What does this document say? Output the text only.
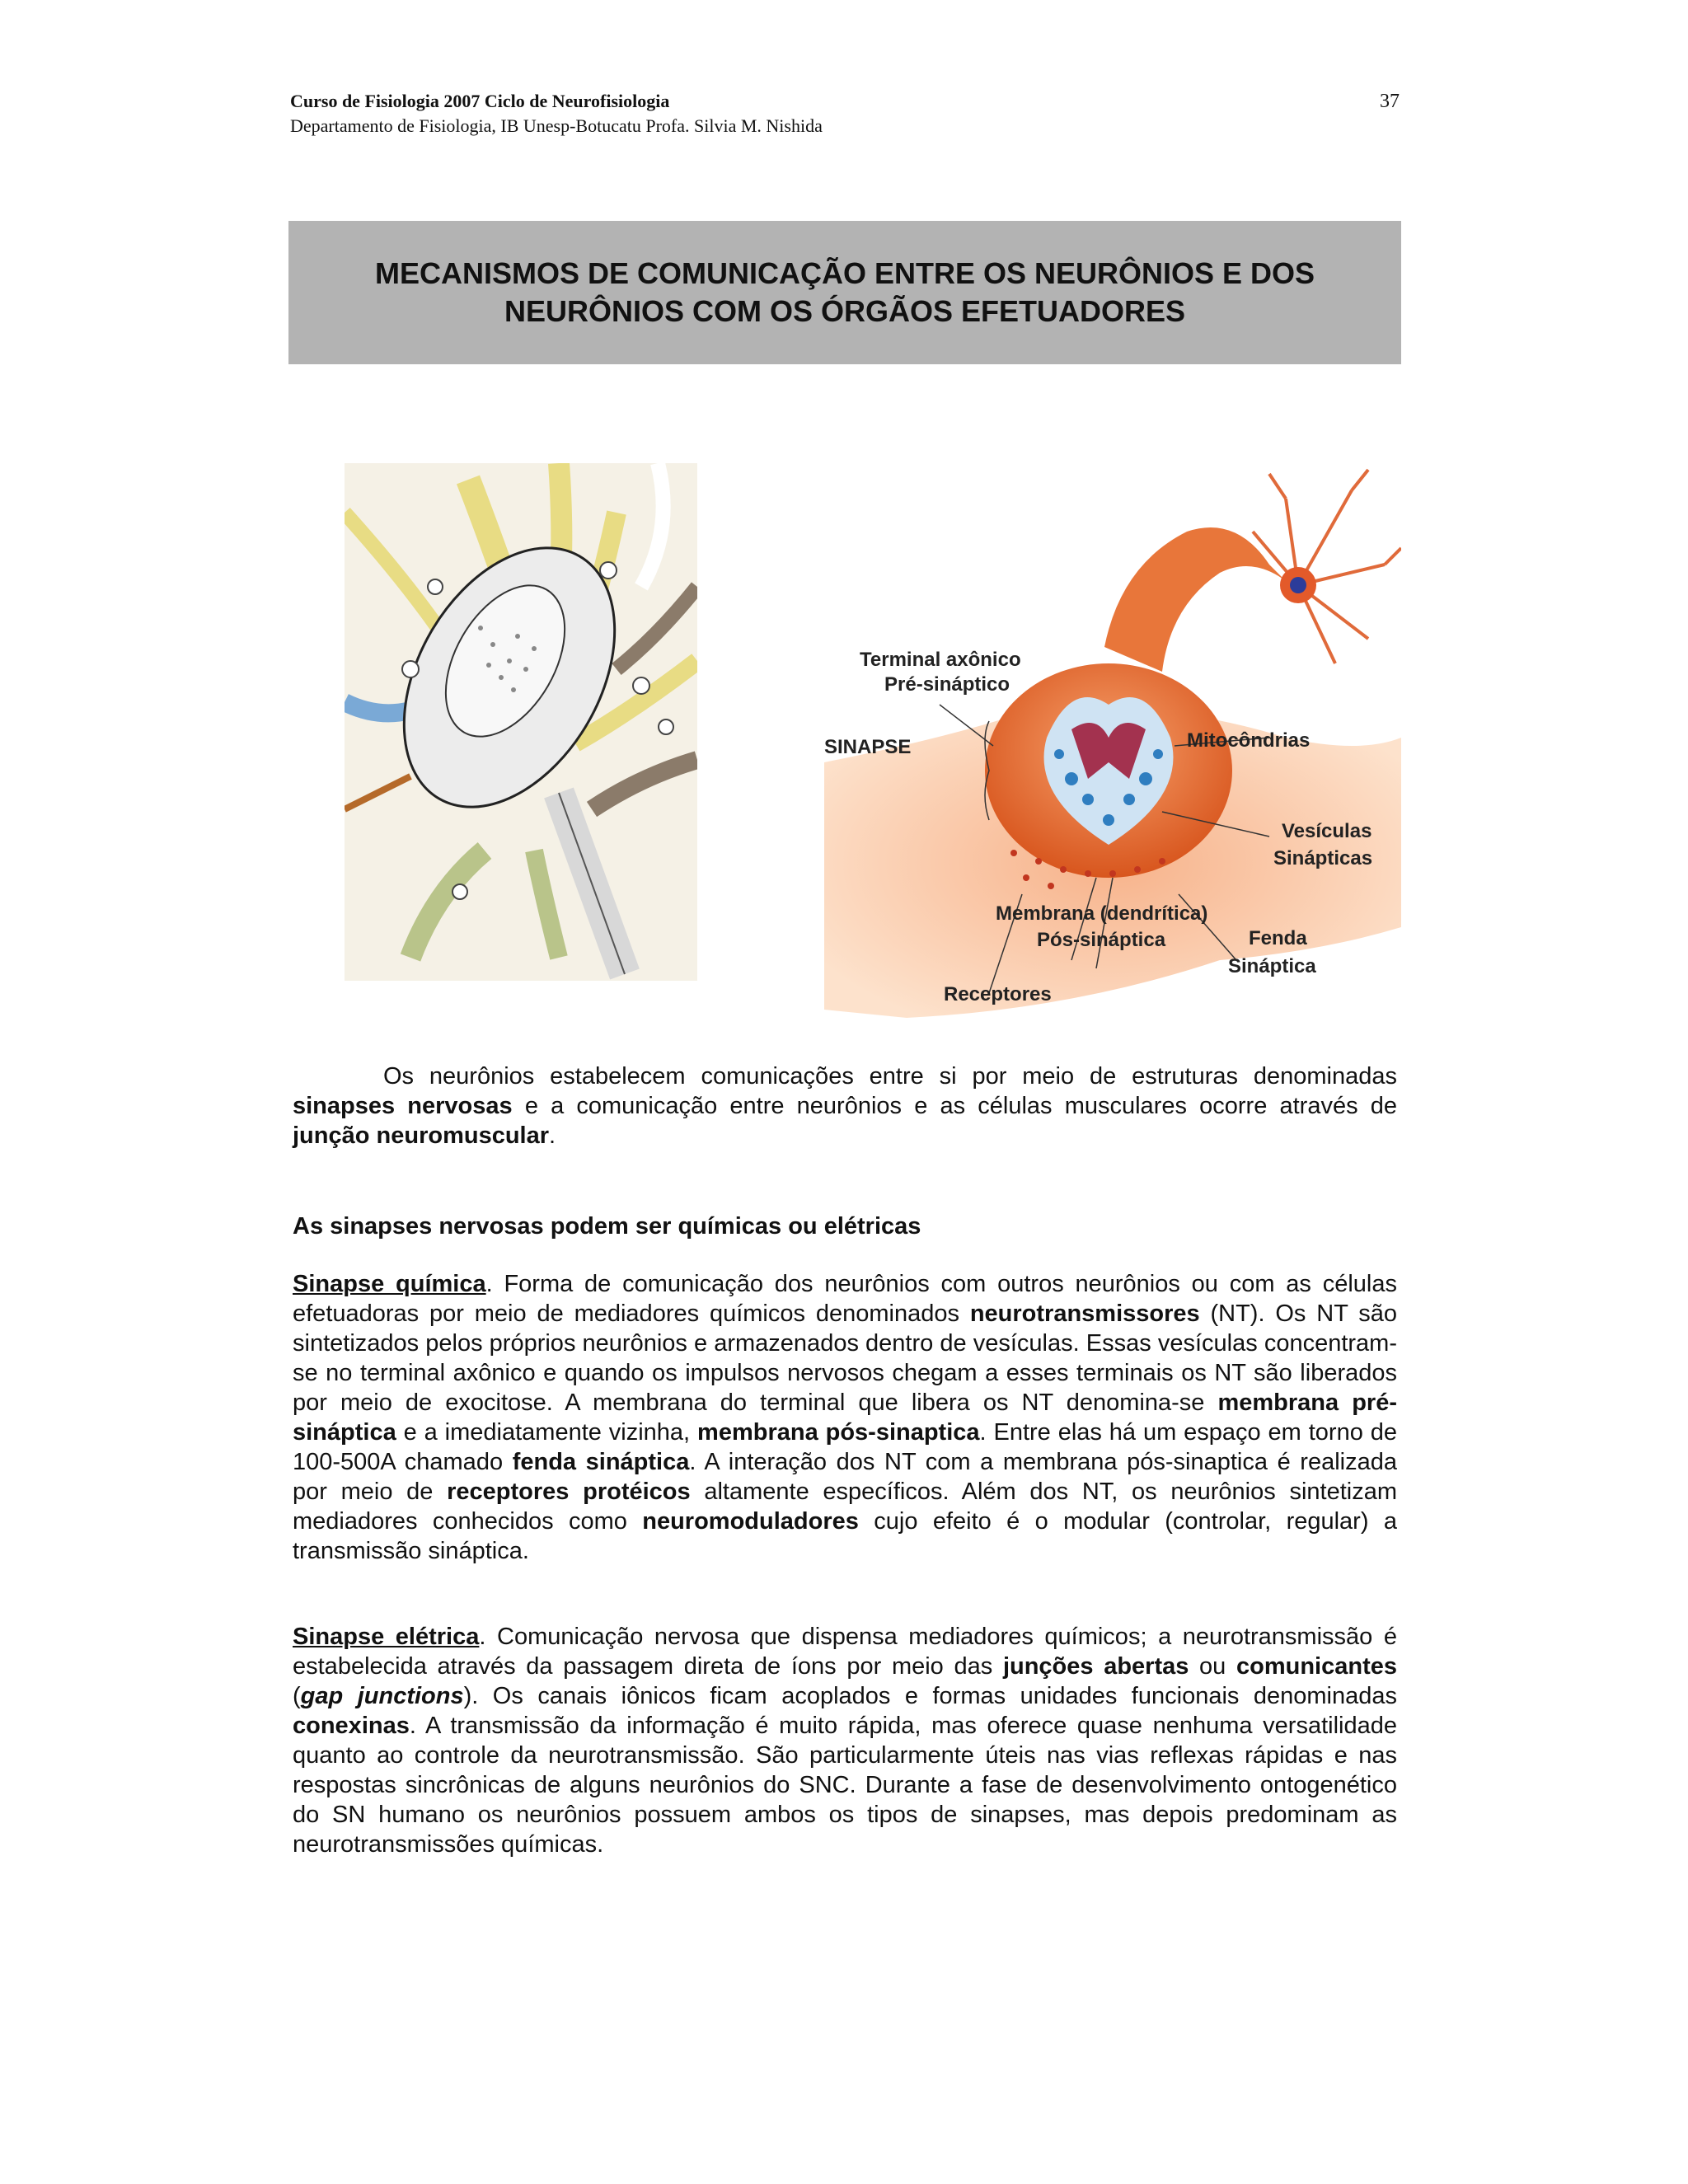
Curso de Fisiologia 2007 Ciclo de Neurofisiologia
Departamento de Fisiologia, IB Unesp-Botucatu Profa. Silvia M. Nishida
37
MECANISMOS DE COMUNICAÇÃO ENTRE OS NEURÔNIOS E DOS
NEURÔNIOS COM OS ÓRGÃOS EFETUADORES
Terminal axônico
Pré-sináptico
SINAPSE	Mitocôndrias
Vesículas
Sinápticas
Membrana (dendrítica)
Pós-sináptica	Fenda
Sináptica
Receptores
Os neurônios estabelecem comunicações entre si por meio de estruturas denominadas sinapses nervosas e a comunicação entre neurônios e as células musculares ocorre através de junção neuromuscular.
As sinapses nervosas podem ser químicas ou elétricas
Sinapse química. Forma de comunicação dos neurônios com outros neurônios ou com as células efetuadoras por meio de mediadores químicos denominados neurotransmissores (NT). Os NT são sintetizados pelos próprios neurônios e armazenados dentro de vesículas. Essas vesículas concentram-se no terminal axônico e quando os impulsos nervosos chegam a esses terminais os NT são liberados por meio de exocitose. A membrana do terminal que libera os NT denomina-se membrana pré-sináptica e a imediatamente vizinha, membrana pós-sinaptica. Entre elas há um espaço em torno de 100-500A chamado fenda sináptica. A interação dos NT com a membrana pós-sinaptica é realizada por meio de receptores protéicos altamente específicos. Além dos NT, os neurônios sintetizam mediadores conhecidos como neuromoduladores cujo efeito é o modular (controlar, regular) a transmissão sináptica.
Sinapse elétrica. Comunicação nervosa que dispensa mediadores químicos; a neurotransmissão é estabelecida através da passagem direta de íons por meio das junções abertas ou comunicantes (gap junctions). Os canais iônicos ficam acoplados e formas unidades funcionais denominadas conexinas. A transmissão da informação é muito rápida, mas oferece quase nenhuma versatilidade quanto ao controle da neurotransmissão. São particularmente úteis nas vias reflexas rápidas e nas respostas sincrônicas de alguns neurônios do SNC. Durante a fase de desenvolvimento ontogenético do SN humano os neurônios possuem ambos os tipos de sinapses, mas depois predominam as neurotransmissões químicas.
